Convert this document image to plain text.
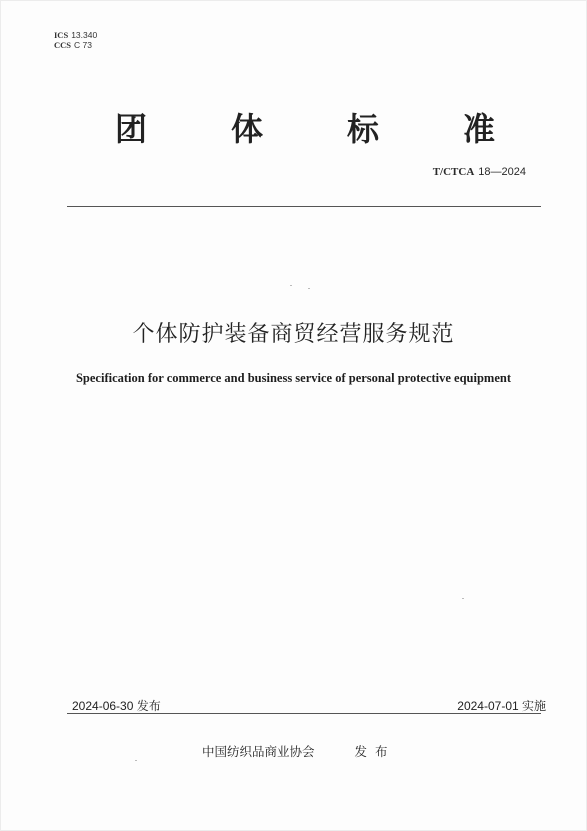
ICS 13.340
CCS C 73
团	体	标	准
T/CTCA 18—2024
个体防护装备商贸经营服务规范
Specification for commerce and business service of personal protective equipment
2024-06-30 发布	2024-07-01 实施
中国纺织品商业协会	发布
